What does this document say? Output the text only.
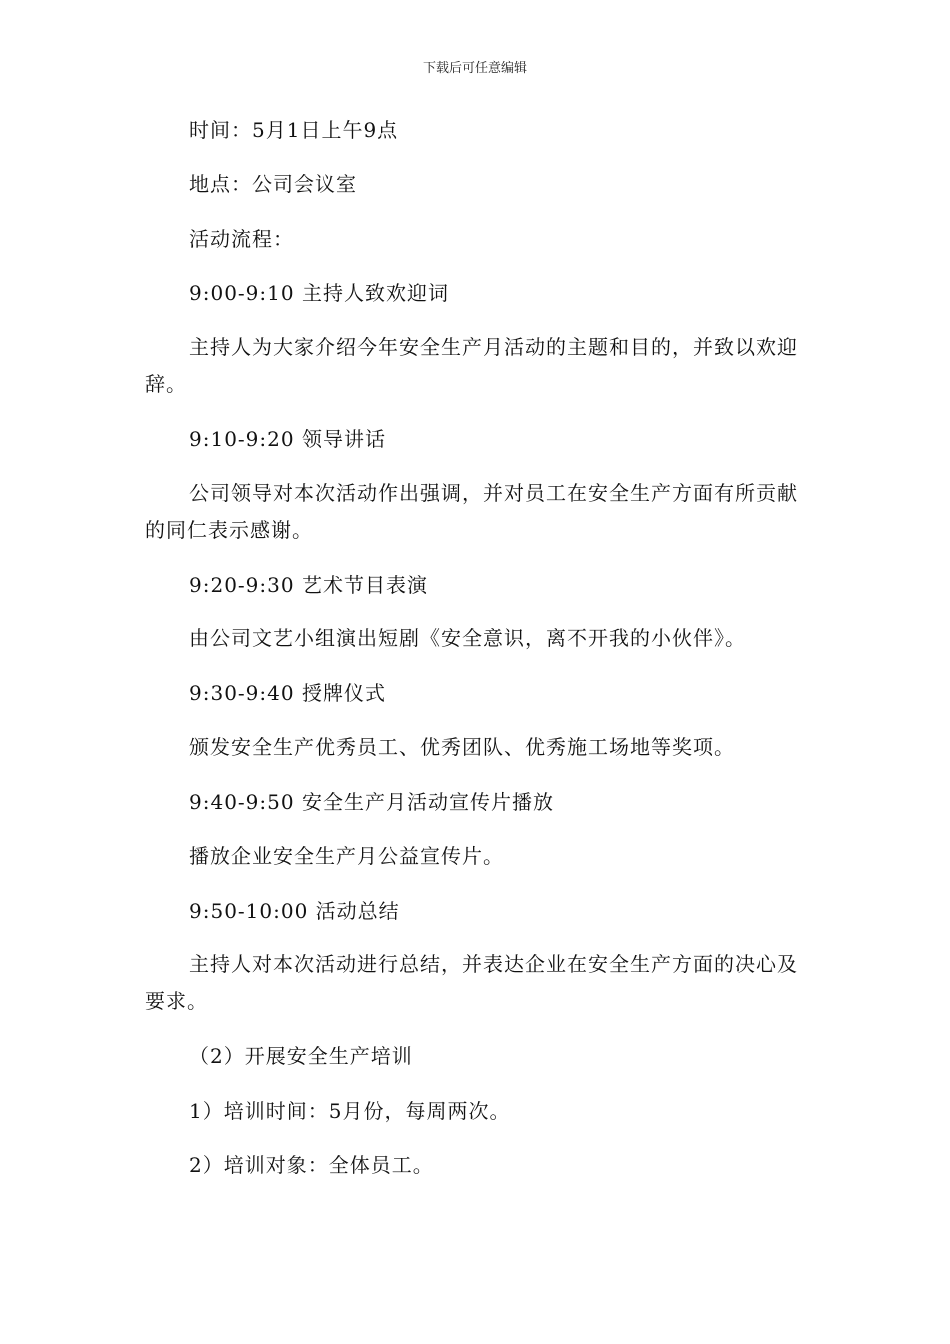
下载后可任意编辑
时间：5月1日上午9点
地点：公司会议室
活动流程：
9:00-9:10 主持人致欢迎词
主持人为大家介绍今年安全生产月活动的主题和目的，并致以欢迎辞。
9:10-9:20 领导讲话
公司领导对本次活动作出强调，并对员工在安全生产方面有所贡献的同仁表示感谢。
9:20-9:30 艺术节目表演
由公司文艺小组演出短剧《安全意识，离不开我的小伙伴》。
9:30-9:40 授牌仪式
颁发安全生产优秀员工、优秀团队、优秀施工场地等奖项。
9:40-9:50 安全生产月活动宣传片播放
播放企业安全生产月公益宣传片。
9:50-10:00 活动总结
主持人对本次活动进行总结，并表达企业在安全生产方面的决心及要求。
（2）开展安全生产培训
1）培训时间：5月份，每周两次。
2）培训对象：全体员工。
